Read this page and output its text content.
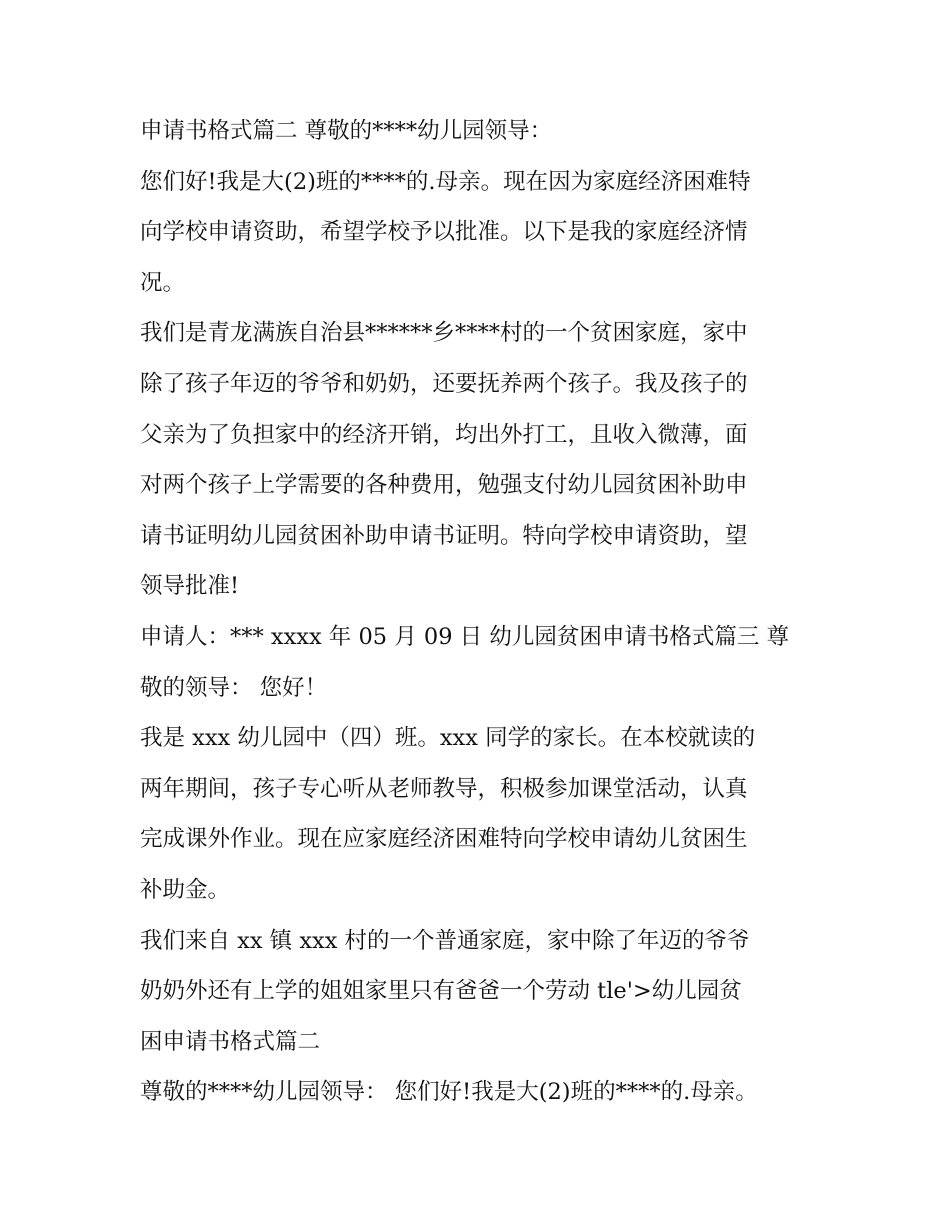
申请书格式篇二 尊敬的****幼儿园领导：
您们好!我是大(2)班的****的.母亲。现在因为家庭经济困难特
向学校申请资助，希望学校予以批准。以下是我的家庭经济情
况。
我们是青龙满族自治县******乡****村的一个贫困家庭，家中
除了孩子年迈的爷爷和奶奶，还要抚养两个孩子。我及孩子的
父亲为了负担家中的经济开销，均出外打工，且收入微薄，面
对两个孩子上学需要的各种费用，勉强支付幼儿园贫困补助申
请书证明幼儿园贫困补助申请书证明。特向学校申请资助，望
领导批准!
申请人：*** xxxx 年 05 月 09 日 幼儿园贫困申请书格式篇三 尊
敬的领导： 您好！
我是 xxx 幼儿园中（四）班。xxx 同学的家长。在本校就读的
两年期间，孩子专心听从老师教导，积极参加课堂活动，认真
完成课外作业。现在应家庭经济困难特向学校申请幼儿贫困生
补助金。
我们来自 xx 镇 xxx 村的一个普通家庭，家中除了年迈的爷爷
奶奶外还有上学的姐姐家里只有爸爸一个劳动 tle'>幼儿园贫
困申请书格式篇二
尊敬的****幼儿园领导： 您们好!我是大(2)班的****的.母亲。
